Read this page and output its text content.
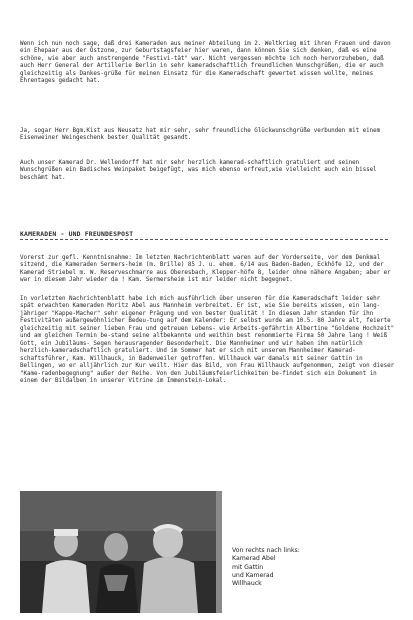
Wenn ich nun noch sage, daß drei Kameraden aus meiner Abteilung im 2. Weltkrieg mit ihren Frauen und davon ein Ehepaar aus der Ostzone, zur Geburtstagsfeier hier waren, dann können Sie sich denken, daß es eine schöne, wie aber auch anstrengende "Festivi-tät" war. Nicht vergessen möchte ich noch hervorzuheben, daß auch Herr General der Artillerie Berlin in sehr kameradschaftlich freundlichen Wunschgrüßen, die er auch gleichzeitig als Dankes-grüße für meinen Einsatz für die Kameradschaft gewertet wissen wollte, meines Ehrentages gedacht hat.

Ja, sogar Herr Bgm.Kist aus Neusatz hat mir sehr, sehr freundliche Glückwunschgrüße verbunden mit einem Eisenweiner Weingeschenk bester Qualität gesandt.

Auch unser Kamerad Dr. Wellendorff hat mir sehr herzlich kamerad-schaftlich gratuliert und seinen Wunschgrüßen ein Badisches Weinpaket beigefügt, was mich ebenso erfreut,wie vielleicht auch ein bissel beschämt hat.

KAMERADEN - UND FREUNDESPOST

Vorerst zur gefl. Kenntnisnahme: Im letzten Nachrichtenblatt waren auf der Vorderseite, vor dem Denkmal sitzend, die Kameraden Sermers-heim (m. Brille) 85 J. u. ehem. 6/14 aus Baden-Baden, Eckhöfe 12, und der Kamerad Striebel m. W. Reserveschmarre aus Oberesbach, Klepper-höfe 8, leider ohne nähere Angaben; aber er war in diesem Jahr wieder da ! Kam. Sermersheim ist mir leider nicht begegnet.

In vorletzten Nachrichtenblatt habe ich mich ausführlich über unseren für die Kameradschaft leider sehr spät erwachten Kameraden Moritz Abel aus Mannheim verbreitet. Er ist, wie Sie bereits wissen, ein lang-jähriger "Kappe-Macher" sehr eigener Prägung und von bester Qualität ! In diesem Jahr standen für ihn Festivitäten außergewöhnlicher Bedeu-tung auf dem Kalender: Er selbst wurde am 10.5. 80 Jahre alt, feierte gleichzeitig mit seiner lieben Frau und getreuen Lebens- wie Arbeits-gefährtin Albertine "Goldene Hochzeit" und am gleichen Termin be-stand seine altbekannte und weithin best renommierte Firma 50 Jahre lang ! Weiß Gott, ein Jubiläums- Segen herausragender Besonderheit. Die Mannheimer und wir haben ihm natürlich herzlich-kameradschaftlich gratuliert. Und im Sommer hat er sich mit unserem Mannheimer Kamerad-schaftsführer, Kam. Willhauck, in Badenweiler getroffen. Willhauck war damals mit seiner Gattin in Bellingen, wo er alljährlich zur Kur weilt. Hier das Bild, von Frau Willhauck aufgenommen, zeigt von dieser "Kame-radenbegegnung" außer der Reihe. Von den Jubiläumsfeierlichkeiten be-findet sich ein Dokument in einem der Bildalben in unserer Vitrine im Immenstein-Lokal.

Von rechts nach links:
Kamerad Abel
mit Gattin
und Kamerad
Willhauck
